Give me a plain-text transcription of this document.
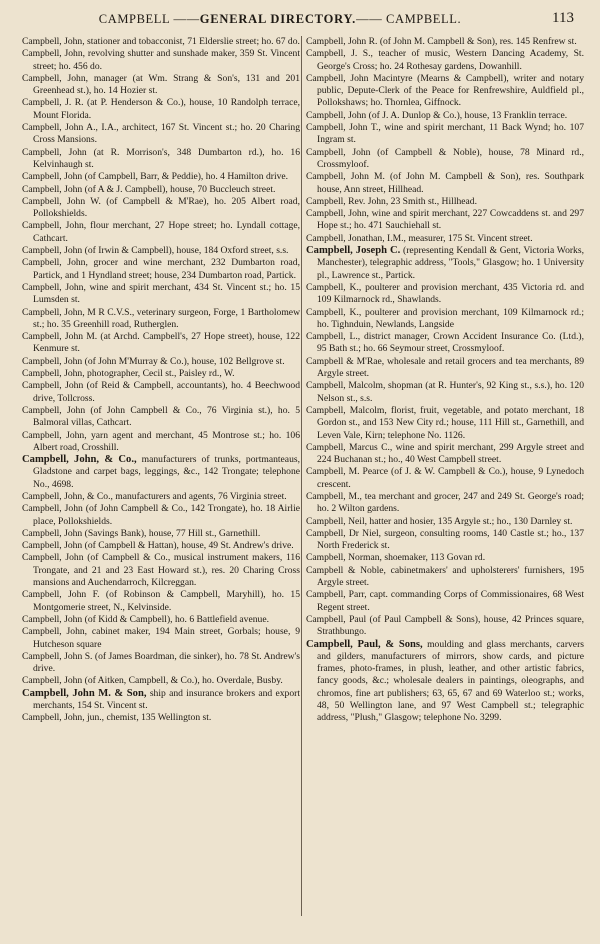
CAMPBELL ——GENERAL DIRECTORY.—— CAMPBELL.	113

Campbell, John, stationer and tobacconist, 71 Elderslie street; ho. 67 do.

Campbell, John, revolving shutter and sunshade maker, 359 St. Vincent street; ho. 456 do.

Campbell, John, manager (at Wm. Strang & Son's, 131 and 201 Greenhead st.), ho. 14 Hozier st.

Campbell, J. R. (at P. Henderson & Co.), house, 10 Randolph terrace, Mount Florida.

Campbell, John A., I.A., architect, 167 St. Vincent st.; ho. 20 Charing Cross Mansions.

Campbell, John (at R. Morrison's, 348 Dumbarton rd.), ho. 16 Kelvinhaugh st.

Campbell, John (of Campbell, Barr, & Peddie), ho. 4 Hamilton drive.

Campbell, John (of A & J. Campbell), house, 70 Buccleuch street.

Campbell, John W. (of Campbell & M'Rae), ho. 205 Albert road, Pollokshields.

Campbell, John, flour merchant, 27 Hope street; ho. Lyndall cottage, Cathcart.

Campbell, John (of Irwin & Campbell), house, 184 Oxford street, s.s.

Campbell, John, grocer and wine merchant, 232 Dumbarton road, Partick, and 1 Hyndland street; house, 234 Dumbarton road, Partick.

Campbell, John, wine and spirit merchant, 434 St. Vincent st.; ho. 15 Lumsden st.

Campbell, John, M R C.V.S., veterinary surgeon, Forge, 1 Bartholomew st.; ho. 35 Greenhill road, Rutherglen.

Campbell, John M. (at Archd. Campbell's, 27 Hope street), house, 122 Kenmure st.

Campbell, John (of John M'Murray & Co.), house, 102 Bellgrove st.

Campbell, John, photographer, Cecil st., Paisley rd., W.

Campbell, John (of Reid & Campbell, accountants), ho. 4 Beechwood drive, Tollcross.

Campbell, John (of John Campbell & Co., 76 Virginia st.), ho. 5 Balmoral villas, Cathcart.

Campbell, John, yarn agent and merchant, 45 Montrose st.; ho. 106 Albert road, Crosshill.

Campbell, John, & Co., manufacturers of trunks, portmanteaus, Gladstone and carpet bags, leggings, &c., 142 Trongate; telephone No., 4698.

Campbell, John, & Co., manufacturers and agents, 76 Virginia street.

Campbell, John (of John Campbell & Co., 142 Trongate), ho. 18 Airlie place, Pollokshields.

Campbell, John (Savings Bank), house, 77 Hill st., Garnethill.

Campbell, John (of Campbell & Hattan), house, 49 St. Andrew's drive.

Campbell, John (of Campbell & Co., musical instrument makers, 116 Trongate, and 21 and 23 East Howard st.), res. 20 Charing Cross mansions and Auchendarroch, Kilcreggan.

Campbell, John F. (of Robinson & Campbell, Maryhill), ho. 15 Montgomerie street, N., Kelvinside.

Campbell, John (of Kidd & Campbell), ho. 6 Battlefield avenue.

Campbell, John, cabinet maker, 194 Main street, Gorbals; house, 9 Hutcheson square

Campbell, John S. (of James Boardman, die sinker), ho. 78 St. Andrew's drive.

Campbell, John (of Aitken, Campbell, & Co.), ho. Overdale, Busby.

Campbell, John M. & Son, ship and insurance brokers and export merchants, 154 St. Vincent st.

Campbell, John, jun., chemist, 135 Wellington st.

Campbell, John R. (of John M. Campbell & Son), res. 145 Renfrew st.

Campbell, J. S., teacher of music, Western Dancing Academy, St. George's Cross; ho. 24 Rothesay gardens, Dowanhill.

Campbell, John Macintyre (Mearns & Campbell), writer and notary public, Depute-Clerk of the Peace for Renfrewshire, Auldfield pl., Pollokshaws; ho. Thornlea, Giffnock.

Campbell, John (of J. A. Dunlop & Co.), house, 13 Franklin terrace.

Campbell, John T., wine and spirit merchant, 11 Back Wynd; ho. 107 Ingram st.

Campbell, John (of Campbell & Noble), house, 78 Minard rd., Crossmyloof.

Campbell, John M. (of John M. Campbell & Son), res. Southpark house, Ann street, Hillhead.

Campbell, Rev. John, 23 Smith st., Hillhead.

Campbell, John, wine and spirit merchant, 227 Cowcaddens st. and 297 Hope st.; ho. 471 Sauchiehall st.

Campbell, Jonathan, I.M., measurer, 175 St. Vincent street.

Campbell, Joseph C. (representing Kendall & Gent, Victoria Works, Manchester), telegraphic address, "Tools," Glasgow; ho. 1 University pl., Lawrence st., Partick.

Campbell, K., poulterer and provision merchant, 435 Victoria rd. and 109 Kilmarnock rd., Shawlands.

Campbell, K., poulterer and provision merchant, 109 Kilmarnock rd.; ho. Tighnduin, Newlands, Langside

Campbell, L., district manager, Crown Accident Insurance Co. (Ltd.), 95 Bath st.; ho. 66 Seymour street, Crossmyloof.

Campbell & M'Rae, wholesale and retail grocers and tea merchants, 89 Argyle street.

Campbell, Malcolm, shopman (at R. Hunter's, 92 King st., s.s.), ho. 120 Nelson st., s.s.

Campbell, Malcolm, florist, fruit, vegetable, and potato merchant, 18 Gordon st., and 153 New City rd.; house, 111 Hill st., Garnethill, and Leven Vale, Kirn; telephone No. 1126.

Campbell, Marcus C., wine and spirit merchant, 299 Argyle street and 224 Buchanan st.; ho., 40 West Campbell street.

Campbell, M. Pearce (of J. & W. Campbell & Co.), house, 9 Lynedoch crescent.

Campbell, M., tea merchant and grocer, 247 and 249 St. George's road; ho. 2 Wilton gardens.

Campbell, Neil, hatter and hosier, 135 Argyle st.; ho., 130 Darnley st.

Campbell, Dr Niel, surgeon, consulting rooms, 140 Castle st.; ho., 137 North Frederick st.

Campbell, Norman, shoemaker, 113 Govan rd.

Campbell & Noble, cabinetmakers' and upholsterers' furnishers, 195 Argyle street.

Campbell, Parr, capt. commanding Corps of Commissionaires, 68 West Regent street.

Campbell, Paul (of Paul Campbell & Sons), house, 42 Princes square, Strathbungo.

Campbell, Paul, & Sons, moulding and glass merchants, carvers and gilders, manufacturers of mirrors, show cards, and picture frames, photo-frames, in plush, leather, and other artistic fabrics, fancy goods, &c.; wholesale dealers in paintings, oleographs, and chromos, fine art publishers; 63, 65, 67 and 69 Waterloo st.; works, 48, 50 Wellington lane, and 97 West Campbell st.; telegraphic address, "Plush," Glasgow; telephone No. 3299.
